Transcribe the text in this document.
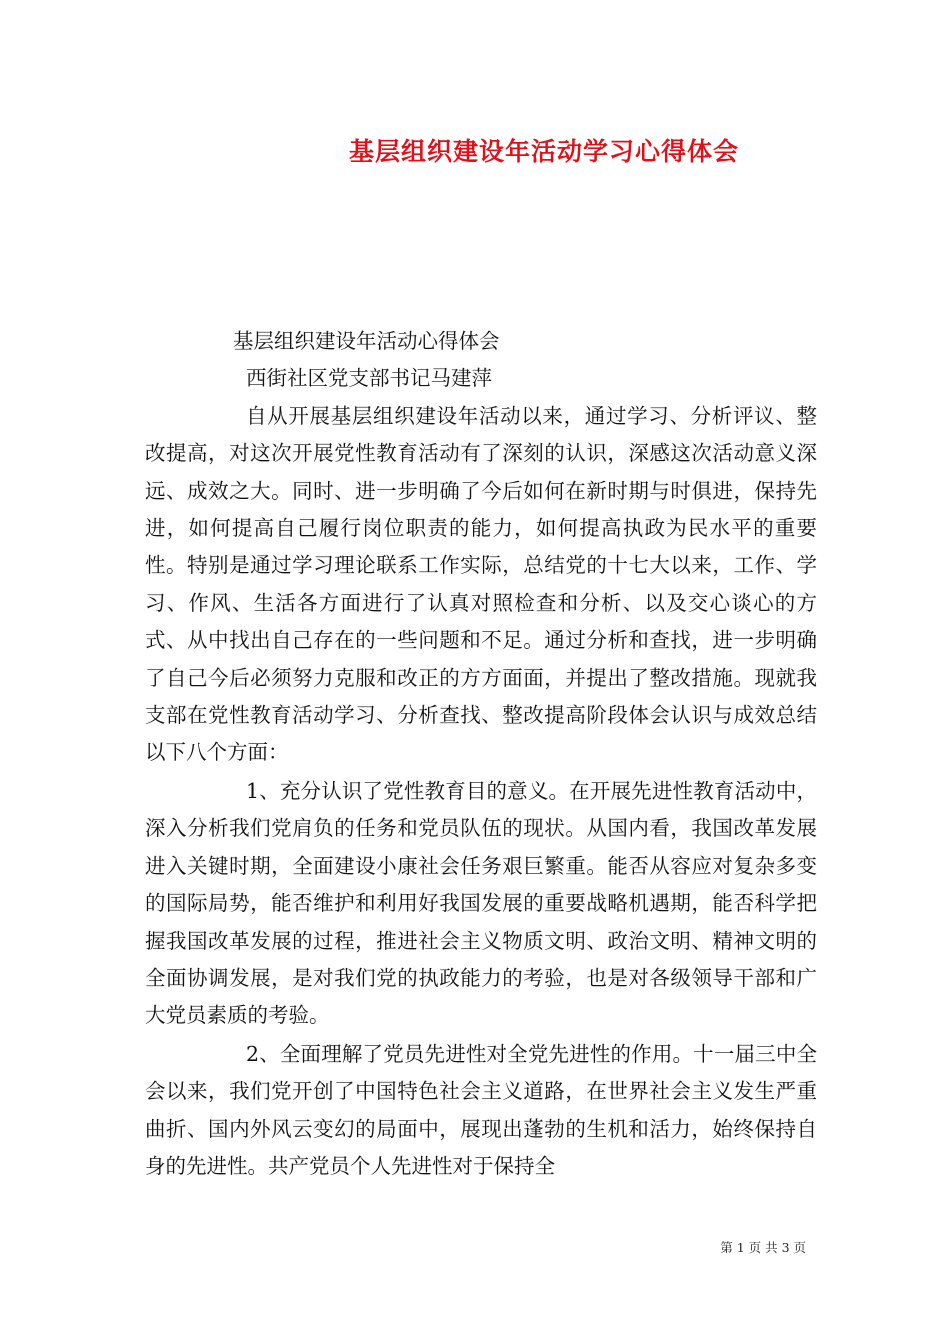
基层组织建设年活动学习心得体会

基层组织建设年活动心得体会

西街社区党支部书记马建萍

自从开展基层组织建设年活动以来，通过学习、分析评议、整改提高，对这次开展党性教育活动有了深刻的认识，深感这次活动意义深远、成效之大。同时、进一步明确了今后如何在新时期与时俱进，保持先进，如何提高自己履行岗位职责的能力，如何提高执政为民水平的重要性。特别是通过学习理论联系工作实际，总结党的十七大以来，工作、学习、作风、生活各方面进行了认真对照检查和分析、以及交心谈心的方式、从中找出自己存在的一些问题和不足。通过分析和查找，进一步明确了自己今后必须努力克服和改正的方方面面，并提出了整改措施。现就我支部在党性教育活动学习、分析查找、整改提高阶段体会认识与成效总结以下八个方面：

1、充分认识了党性教育目的意义。在开展先进性教育活动中，深入分析我们党肩负的任务和党员队伍的现状。从国内看，我国改革发展进入关键时期，全面建设小康社会任务艰巨繁重。能否从容应对复杂多变的国际局势，能否维护和利用好我国发展的重要战略机遇期，能否科学把握我国改革发展的过程，推进社会主义物质文明、政治文明、精神文明的全面协调发展，是对我们党的执政能力的考验，也是对各级领导干部和广大党员素质的考验。

2、全面理解了党员先进性对全党先进性的作用。十一届三中全会以来，我们党开创了中国特色社会主义道路，在世界社会主义发生严重曲折、国内外风云变幻的局面中，展现出蓬勃的生机和活力，始终保持自身的先进性。共产党员个人先进性对于保持全

第 1 页 共 3 页
